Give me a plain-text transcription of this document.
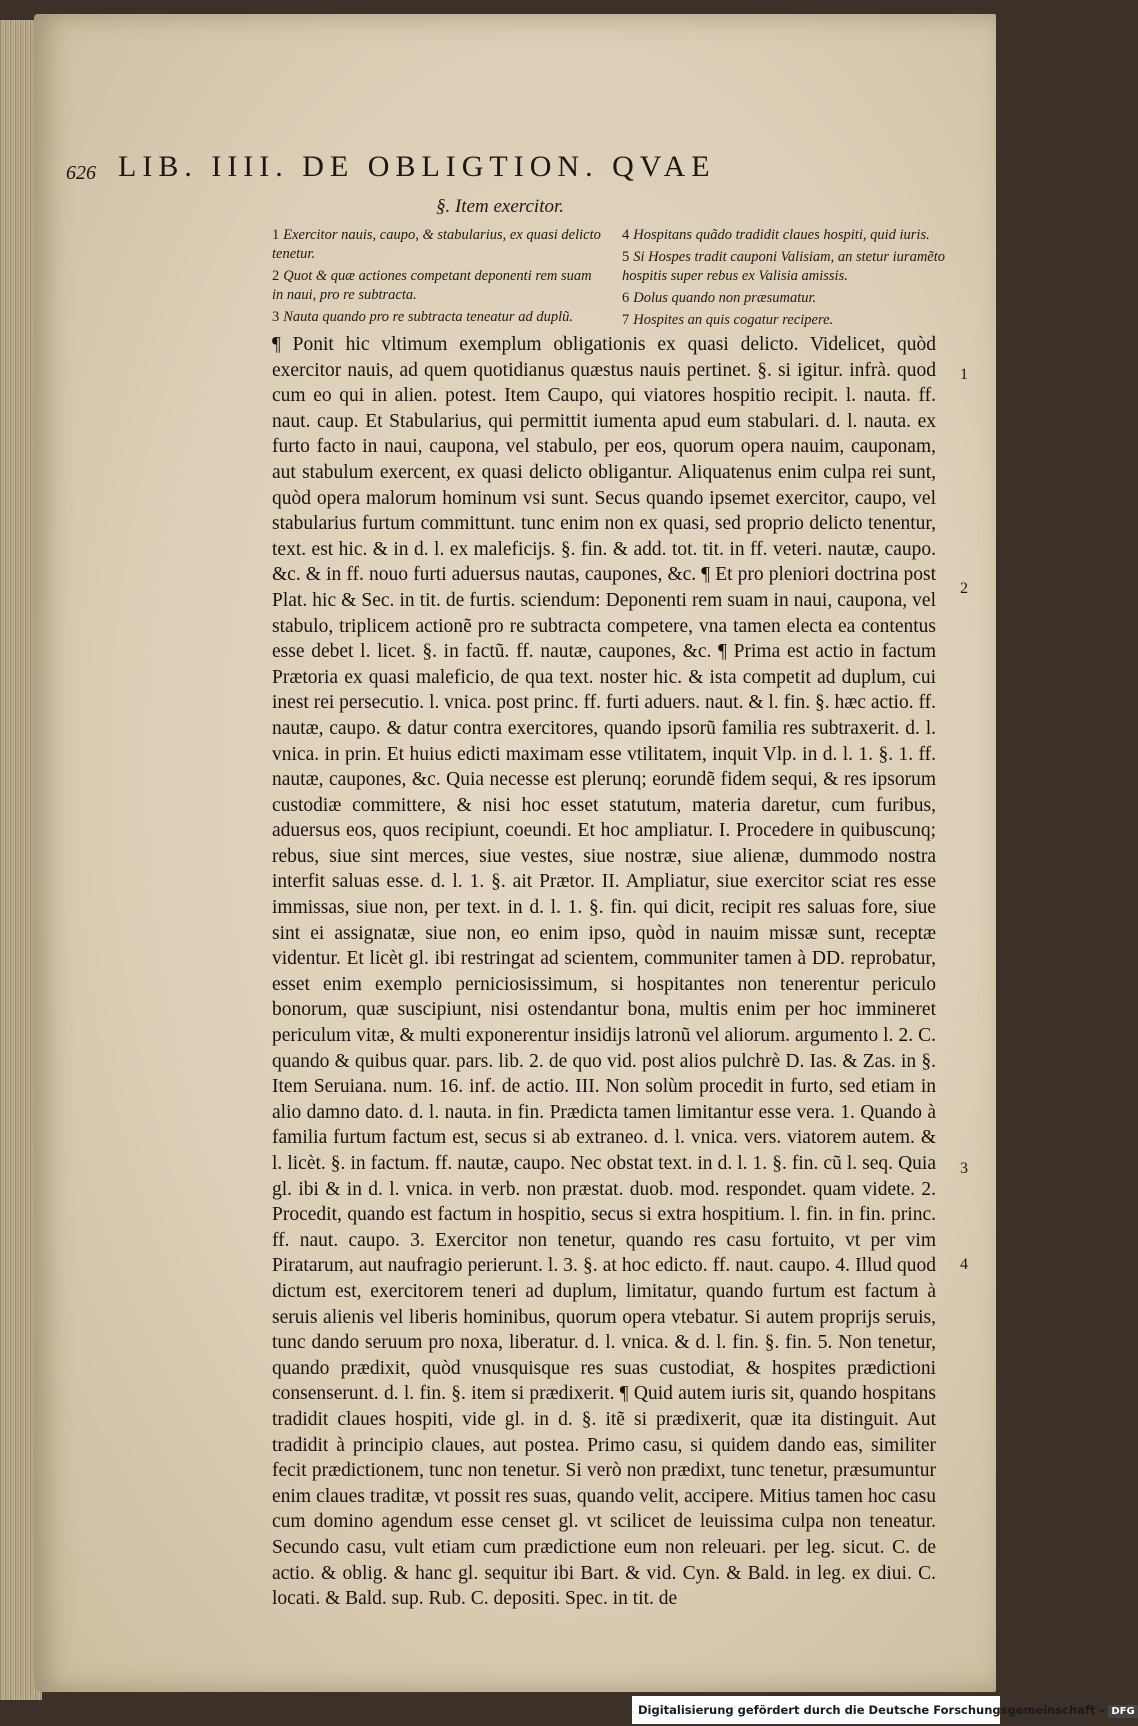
626 LIB. IIII. DE OBLIGTION. QVAE
§. Item exercitor.
1 Exercitor nauis, caupo, & stabularius, ex quasi delicto tenetur.
2 Quot & quæ actiones competant deponenti rem suam in naui, pro re subtracta.
3 Nauta quando pro re subtracta teneatur ad duplũ.
4 Hospitans quãdo tradidit claues hospiti, quid iuris.
5 Si Hospes tradit cauponi Valisiam, an stetur iuramẽto hospitis super rebus ex Valisia amissis.
6 Dolus quando non præsumatur.
7 Hospites an quis cogatur recipere.

¶ Ponit hic vltimum exemplum obligationis ex quasi delicto. Videlicet, quòd exercitor nauis, ad quem quotidianus quæstus nauis pertinet. §. si igitur. infrà. quod cum eo qui in alien. potest. Item Caupo, qui viatores hospitio recipit. l. nauta. ff. naut. caup. Et Stabularius, qui permittit iumenta apud eum stabulari. d. l. nauta. ex furto facto in naui, caupona, vel stabulo, per eos, quorum opera nauim, cauponam, aut stabulum exercent, ex quasi delicto obligantur. Aliquatenus enim culpa rei sunt, quòd opera malorum hominum vsi sunt. Secus quando ipsemet exercitor, caupo, vel stabularius furtum committunt. tunc enim non ex quasi, sed proprio delicto tenentur, text. est hic. & in d. l. ex maleficijs. §. fin. & add. tot. tit. in ff. veteri. nautæ, caupo. &c. & in ff. nouo furti aduersus nautas, caupones, &c. ¶ Et pro pleniori doctrina post Plat. hic & Sec. in tit. de furtis. sciendum: Deponenti rem suam in naui, caupona, vel stabulo, triplicem actionẽ pro re subtracta competere, vna tamen electa ea contentus esse debet l. licet. §. in factũ. ff. nautæ, caupones, &c. ¶ Prima est actio in factum Prætoria ex quasi maleficio, de qua text. noster hic. & ista competit ad duplum, cui inest rei persecutio. l. vnica. post princ. ff. furti aduers. naut. & l. fin. §. hæc actio. ff. nautæ, caupo. & datur contra exercitores, quando ipsorũ familia res subtraxerit. d. l. vnica. in prin. Et huius edicti maximam esse vtilitatem, inquit Vlp. in d. l. 1. §. 1. ff. nautæ, caupones, &c. Quia necesse est plerunq; eorundẽ fidem sequi, & res ipsorum custodiæ committere, & nisi hoc esset statutum, materia daretur, cum furibus, aduersus eos, quos recipiunt, coeundi. Et hoc ampliatur. I. Procedere in quibuscunq; rebus, siue sint merces, siue vestes, siue nostræ, siue alienæ, dummodo nostra interfit saluas esse. d. l. 1. §. ait Prætor. II. Ampliatur, siue exercitor sciat res esse immissas, siue non, per text. in d. l. 1. §. fin. qui dicit, recipit res saluas fore, siue sint ei assignatæ, siue non, eo enim ipso, quòd in nauim missæ sunt, receptæ videntur. Et licèt gl. ibi restringat ad scientem, communiter tamen à DD. reprobatur, esset enim exemplo perniciosissimum, si hospitantes non tenerentur periculo bonorum, quæ suscipiunt, nisi ostendantur bona, multis enim per hoc immineret periculum vitæ, & multi exponerentur insidijs latronũ vel aliorum. argumento l. 2. C. quando & quibus quar. pars. lib. 2. de quo vid. post alios pulchrè D. Ias. & Zas. in §. Item Seruiana. num. 16. inf. de actio. III. Non solùm procedit in furto, sed etiam in alio damno dato. d. l. nauta. in fin. Prædicta tamen limitantur esse vera. 1. Quando à familia furtum factum est, secus si ab extraneo. d. l. vnica. vers. viatorem autem. & l. licèt. §. in factum. ff. nautæ, caupo. Nec obstat text. in d. l. 1. §. fin. cũ l. seq. Quia gl. ibi & in d. l. vnica. in verb. non præstat. duob. mod. respondet. quam videte. 2. Procedit, quando est factum in hospitio, secus si extra hospitium. l. fin. in fin. princ. ff. naut. caupo. 3. Exercitor non tenetur, quando res casu fortuito, vt per vim Piratarum, aut naufragio perierunt. l. 3. §. at hoc edicto. ff. naut. caupo. 4. Illud quod dictum est, exercitorem teneri ad duplum, limitatur, quando furtum est factum à seruis alienis vel liberis hominibus, quorum opera vtebatur. Si autem proprijs seruis, tunc dando seruum pro noxa, liberatur. d. l. vnica. & d. l. fin. §. fin. 5. Non tenetur, quando prædixit, quòd vnusquisque res suas custodiat, & hospites prædictioni consenserunt. d. l. fin. §. item si prædixerit. ¶ Quid autem iuris sit, quando hospitans tradidit claues hospiti, vide gl. in d. §. itẽ si prædixerit, quæ ita distinguit. Aut tradidit à principio claues, aut postea. Primo casu, si quidem dando eas, similiter fecit prædictionem, tunc non tenetur. Si verò non prædixt, tunc tenetur, præsumuntur enim claues traditæ, vt possit res suas, quando velit, accipere. Mitius tamen hoc casu cum domino agendum esse censet gl. vt scilicet de leuissima culpa non teneatur. Secundo casu, vult etiam cum prædictione eum non releuari. per leg. sicut. C. de actio. & oblig. & hanc gl. sequitur ibi Bart. & vid. Cyn. & Bald. in leg. ex diui. C. locati. & Bald. sup. Rub. C. depositi. Spec. in tit. de

1
2
3
4
Digitalisierung gefördert durch die Deutsche Forschungsgemeinschaft - DFG
